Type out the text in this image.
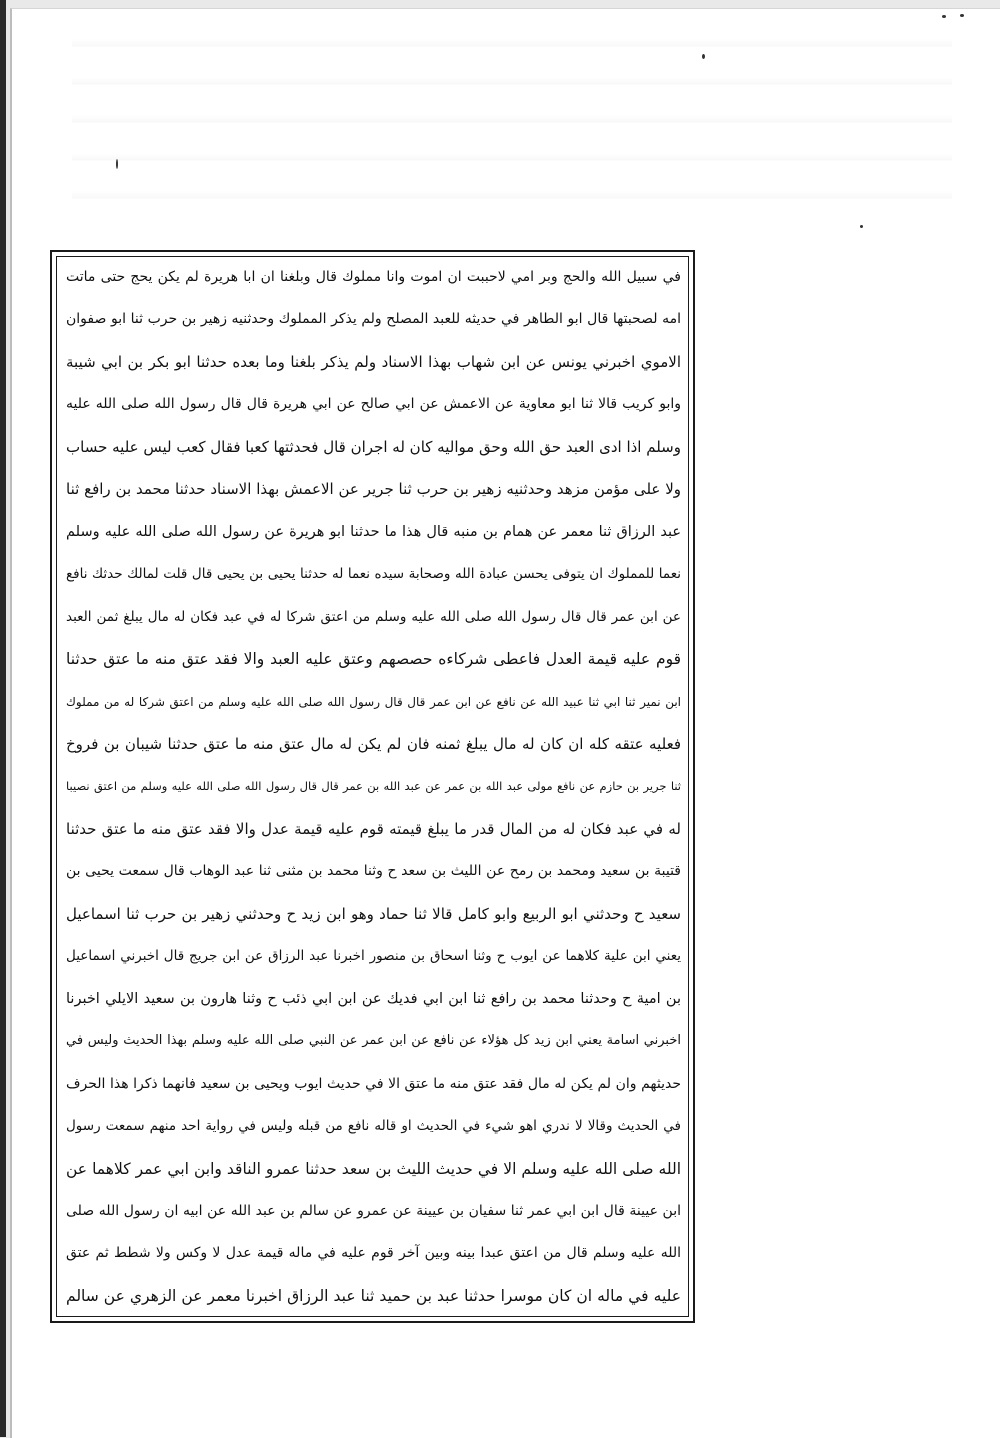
في سبيل الله والحج وبر امي لاحببت ان اموت وانا مملوك قال وبلغنا ان ابا هريرة لم يكن يحج حتى ماتت
امه لصحبتها قال ابو الطاهر في حديثه للعبد المصلح ولم يذكر المملوك وحدثنيه زهير بن حرب ثنا ابو صفوان
الاموي اخبرني يونس عن ابن شهاب بهذا الاسناد ولم يذكر بلغنا وما بعده حدثنا ابو بكر بن ابي شيبة
وابو كريب قالا ثنا ابو معاوية عن الاعمش عن ابي صالح عن ابي هريرة قال قال رسول الله صلى الله عليه
وسلم اذا ادى العبد حق الله وحق مواليه كان له اجران قال فحدثتها كعبا فقال كعب ليس عليه حساب
ولا على مؤمن مزهد وحدثنيه زهير بن حرب ثنا جرير عن الاعمش بهذا الاسناد حدثنا محمد بن رافع ثنا
عبد الرزاق ثنا معمر عن همام بن منبه قال هذا ما حدثنا ابو هريرة عن رسول الله صلى الله عليه وسلم
نعما للمملوك ان يتوفى يحسن عبادة الله وصحابة سيده نعما له حدثنا يحيى بن يحيى قال قلت لمالك حدثك نافع
عن ابن عمر قال قال رسول الله صلى الله عليه وسلم من اعتق شركا له في عبد فكان له مال يبلغ ثمن العبد
قوم عليه قيمة العدل فاعطى شركاءه حصصهم وعتق عليه العبد والا فقد عتق منه ما عتق حدثنا
ابن نمير ثنا ابي ثنا عبيد الله عن نافع عن ابن عمر قال قال رسول الله صلى الله عليه وسلم من اعتق شركا له من مملوك
فعليه عتقه كله ان كان له مال يبلغ ثمنه فان لم يكن له مال عتق منه ما عتق حدثنا شيبان بن فروخ
ثنا جرير بن حازم عن نافع مولى عبد الله بن عمر عن عبد الله بن عمر قال قال رسول الله صلى الله عليه وسلم من اعتق نصيبا
له في عبد فكان له من المال قدر ما يبلغ قيمته قوم عليه قيمة عدل والا فقد عتق منه ما عتق حدثنا
قتيبة بن سعيد ومحمد بن رمح عن الليث بن سعد ح وثنا محمد بن مثنى ثنا عبد الوهاب قال سمعت يحيى بن
سعيد ح وحدثني ابو الربيع وابو كامل قالا ثنا حماد وهو ابن زيد ح وحدثني زهير بن حرب ثنا اسماعيل
يعني ابن علية كلاهما عن ايوب ح وثنا اسحاق بن منصور اخبرنا عبد الرزاق عن ابن جريج قال اخبرني اسماعيل
بن امية ح وحدثنا محمد بن رافع ثنا ابن ابي فديك عن ابن ابي ذئب ح وثنا هارون بن سعيد الايلي اخبرنا
اخبرني اسامة يعني ابن زيد كل هؤلاء عن نافع عن ابن عمر عن النبي صلى الله عليه وسلم بهذا الحديث وليس في
حديثهم وان لم يكن له مال فقد عتق منه ما عتق الا في حديث ايوب ويحيى بن سعيد فانهما ذكرا هذا الحرف
في الحديث وقالا لا ندري اهو شيء في الحديث او قاله نافع من قبله وليس في رواية احد منهم سمعت رسول
الله صلى الله عليه وسلم الا في حديث الليث بن سعد حدثنا عمرو الناقد وابن ابي عمر كلاهما عن
ابن عيينة قال ابن ابي عمر ثنا سفيان بن عيينة عن عمرو عن سالم بن عبد الله عن ابيه ان رسول الله صلى
الله عليه وسلم قال من اعتق عبدا بينه وبين آخر قوم عليه في ماله قيمة عدل لا وكس ولا شطط ثم عتق
عليه في ماله ان كان موسرا حدثنا عبد بن حميد ثنا عبد الرزاق اخبرنا معمر عن الزهري عن سالم
